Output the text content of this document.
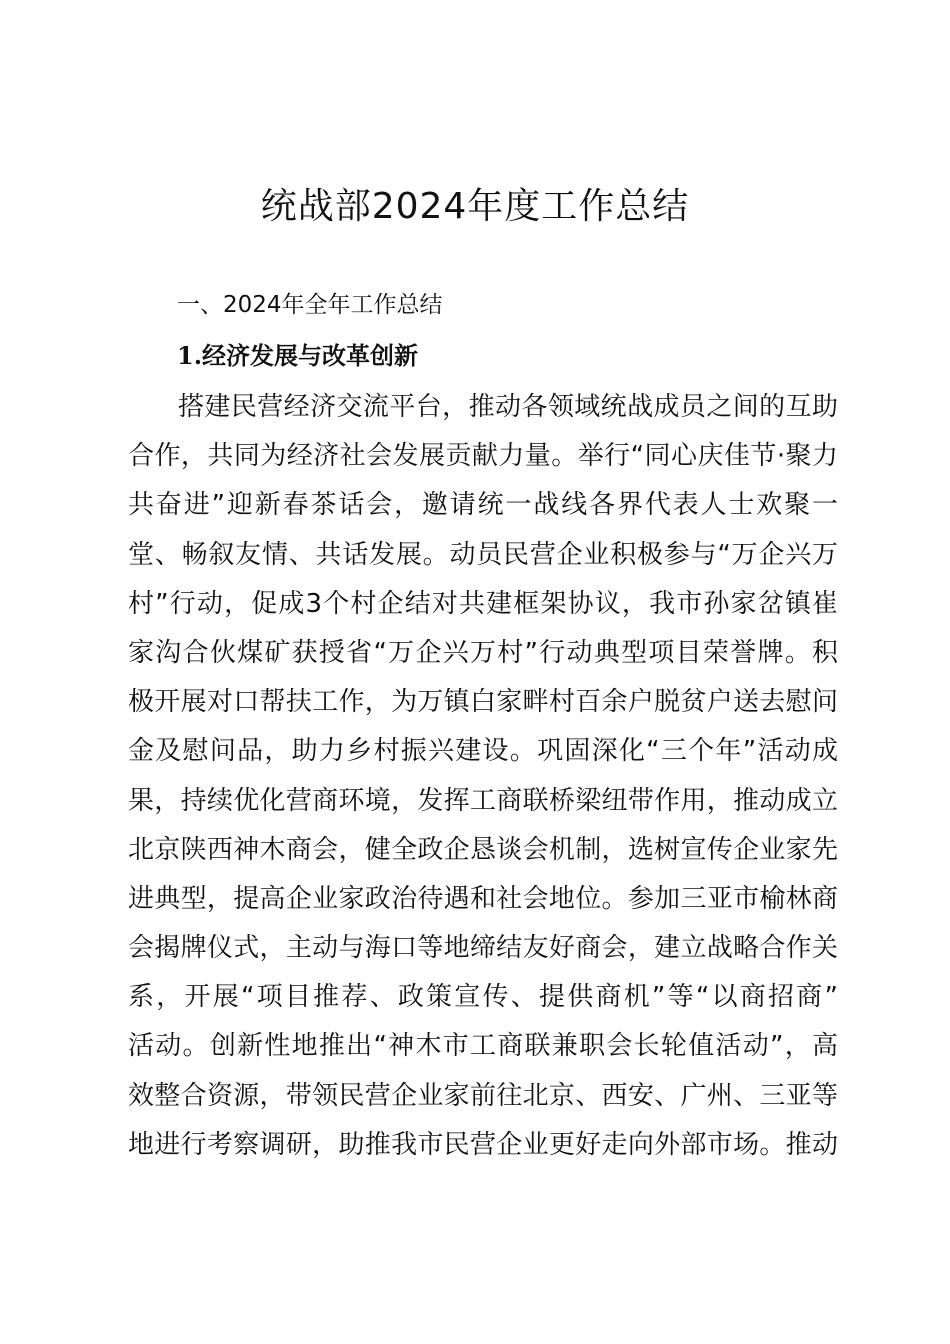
统战部2024年度工作总结
一、2024年全年工作总结
1.经济发展与改革创新
搭建民营经济交流平台，推动各领域统战成员之间的互助
合作，共同为经济社会发展贡献力量。举行“同心庆佳节·聚力
共奋进”迎新春茶话会，邀请统一战线各界代表人士欢聚一
堂、畅叙友情、共话发展。动员民营企业积极参与“万企兴万
村”行动，促成3个村企结对共建框架协议，我市孙家岔镇崔
家沟合伙煤矿获授省“万企兴万村”行动典型项目荣誉牌。积
极开展对口帮扶工作，为万镇白家畔村百余户脱贫户送去慰问
金及慰问品，助力乡村振兴建设。巩固深化“三个年”活动成
果，持续优化营商环境，发挥工商联桥梁纽带作用，推动成立
北京陕西神木商会，健全政企恳谈会机制，选树宣传企业家先
进典型，提高企业家政治待遇和社会地位。参加三亚市榆林商
会揭牌仪式，主动与海口等地缔结友好商会，建立战略合作关
系，开展“项目推荐、政策宣传、提供商机”等“以商招商”
活动。创新性地推出“神木市工商联兼职会长轮值活动”，高
效整合资源，带领民营企业家前往北京、西安、广州、三亚等
地进行考察调研，助推我市民营企业更好走向外部市场。推动
